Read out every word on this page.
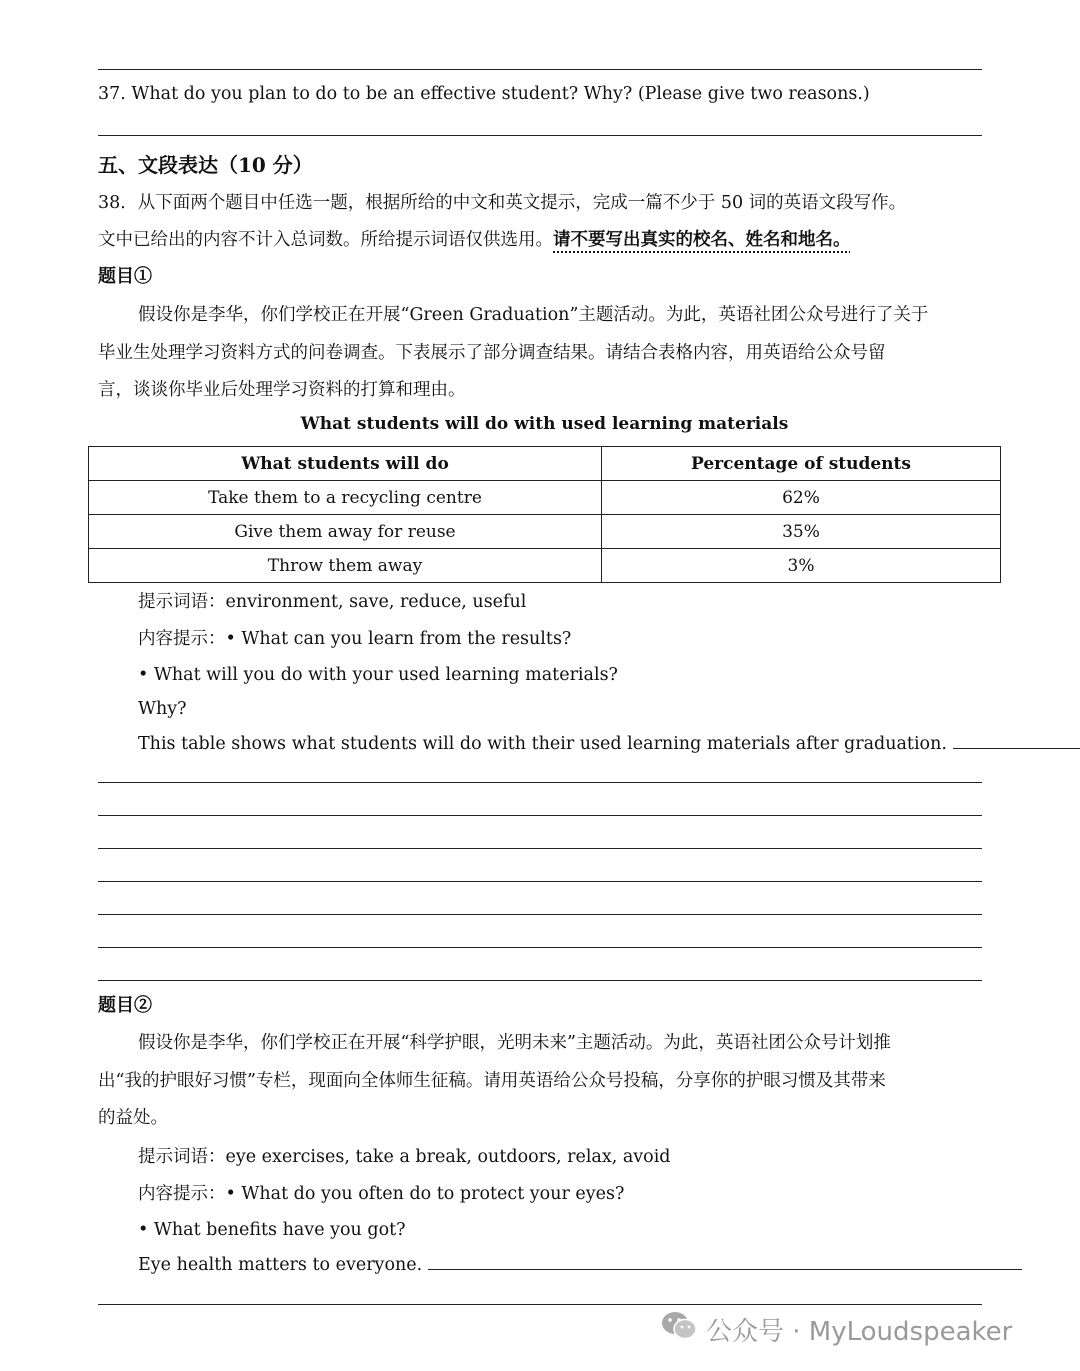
37. What do you plan to do to be an effective student? Why? (Please give two reasons.)
五、文段表达（10 分）
38．从下面两个题目中任选一题，根据所给的中文和英文提示，完成一篇不少于 50 词的英语文段写作。
文中已给出的内容不计入总词数。所给提示词语仅供选用。请不要写出真实的校名、姓名和地名。
题目①
假设你是李华，你们学校正在开展“Green Graduation”主题活动。为此，英语社团公众号进行了关于
毕业生处理学习资料方式的问卷调查。下表展示了部分调查结果。请结合表格内容，用英语给公众号留
言，谈谈你毕业后处理学习资料的打算和理由。
What students will do with used learning materials
What students will do	Percentage of students
Take them to a recycling centre	62%
Give them away for reuse	35%
Throw them away	3%
提示词语：environment, save, reduce, useful
内容提示：• What can you learn from the results?
• What will you do with your used learning materials?
Why?
This table shows what students will do with their used learning materials after graduation.
题目②
假设你是李华，你们学校正在开展“科学护眼，光明未来”主题活动。为此，英语社团公众号计划推
出“我的护眼好习惯”专栏，现面向全体师生征稿。请用英语给公众号投稿，分享你的护眼习惯及其带来
的益处。
提示词语：eye exercises, take a break, outdoors, relax, avoid
内容提示：• What do you often do to protect your eyes?
• What benefits have you got?
Eye health matters to everyone.
公众号 · MyLoudspeaker
